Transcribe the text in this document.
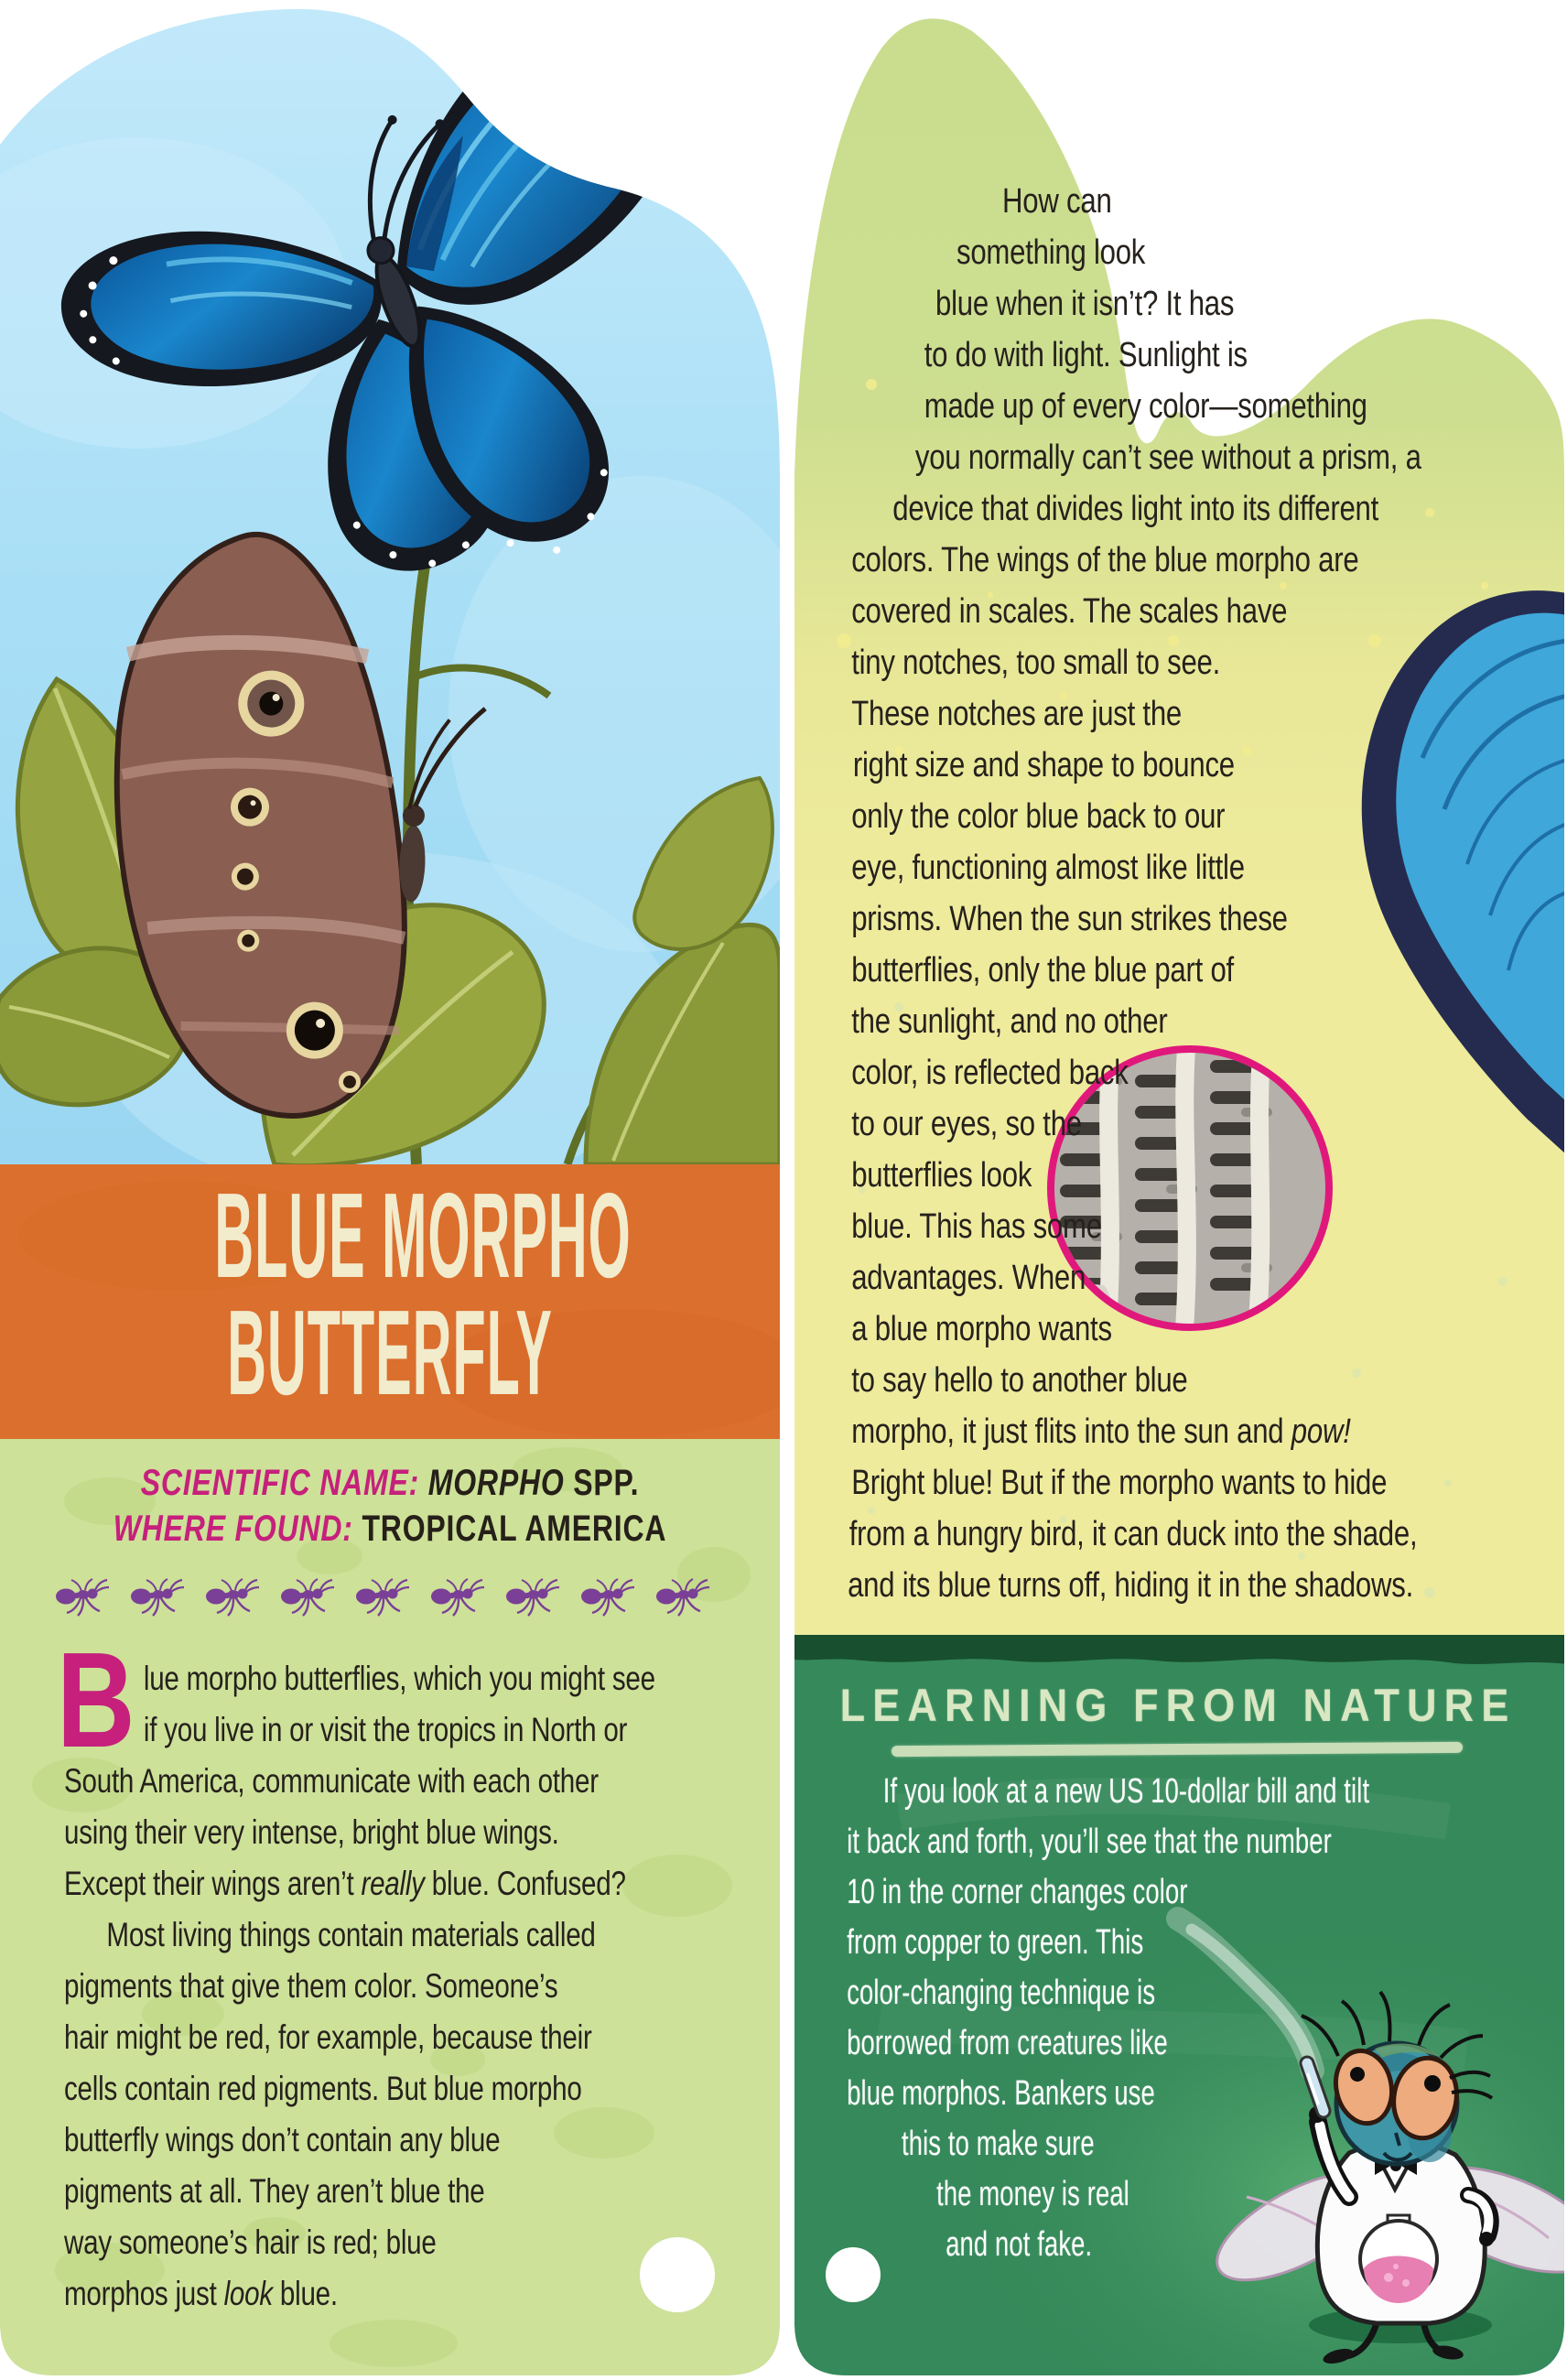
BLUE MORPHO
BUTTERFLY
SCIENTIFIC NAME: MORPHO SPP.
WHERE FOUND: TROPICAL AMERICA
B lue morpho butterflies, which you might see
if you live in or visit the tropics in North or
South America, communicate with each other
using their very intense, bright blue wings.
Except their wings aren’t really blue. Confused?
Most living things contain materials called
pigments that give them color. Someone’s
hair might be red, for example, because their
cells contain red pigments. But blue morpho
butterfly wings don’t contain any blue
pigments at all. They aren’t blue the
way someone’s hair is red; blue
morphos just look blue.
How can
something look
blue when it isn’t? It has
to do with light. Sunlight is
made up of every color—something
you normally can’t see without a prism, a
device that divides light into its different
colors. The wings of the blue morpho are
covered in scales. The scales have
tiny notches, too small to see.
These notches are just the
right size and shape to bounce
only the color blue back to our
eye, functioning almost like little
prisms. When the sun strikes these
butterflies, only the blue part of
the sunlight, and no other
color, is reflected back
to our eyes, so the
butterflies look
blue. This has some
advantages. When
a blue morpho wants
to say hello to another blue
morpho, it just flits into the sun and pow!
Bright blue! But if the morpho wants to hide
from a hungry bird, it can duck into the shade,
and its blue turns off, hiding it in the shadows.
LEARNING FROM NATURE
If you look at a new US 10-dollar bill and tilt
it back and forth, you’ll see that the number
10 in the corner changes color
from copper to green. This
color-changing technique is
borrowed from creatures like
blue morphos. Bankers use
this to make sure
the money is real
and not fake.
